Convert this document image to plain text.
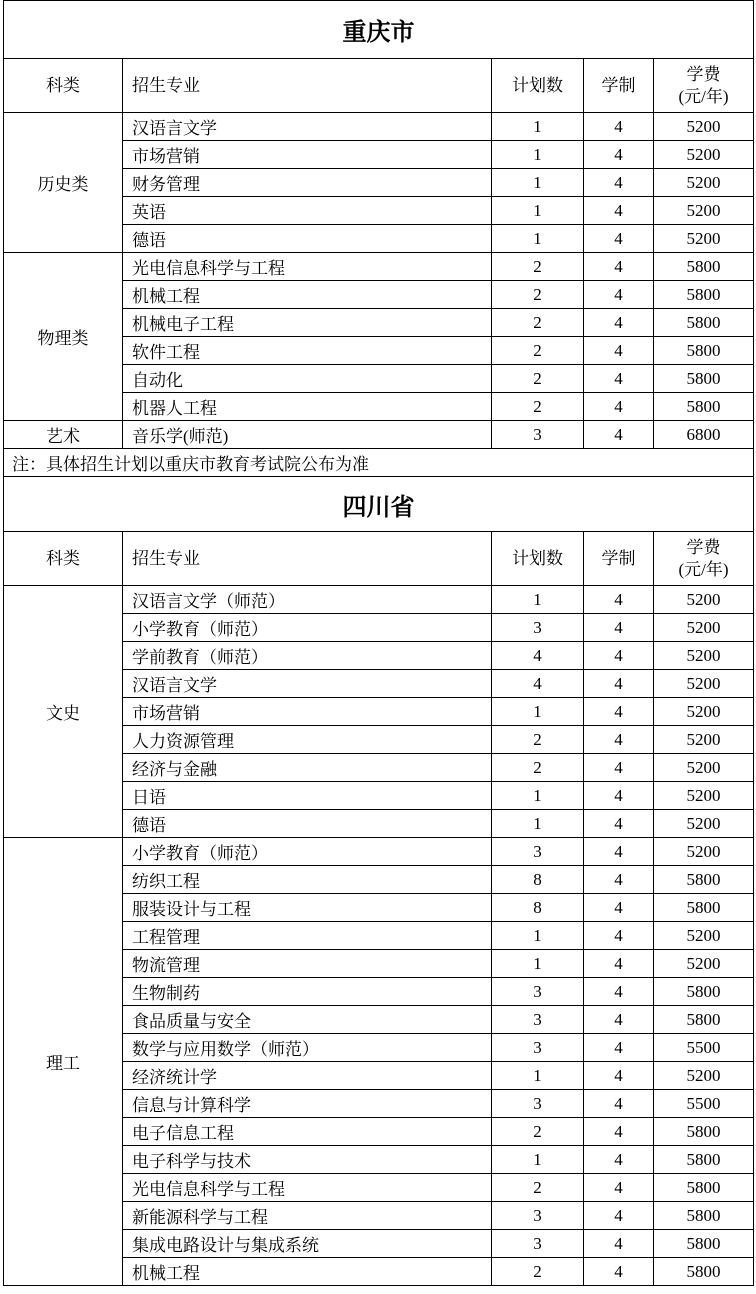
重庆市				
科类	招生专业	计划数	学制	学费
(元/年)

历史类	汉语言文学	1	4	5200
	市场营销	1	4	5200
	财务管理	1	4	5200
	英语	1	4	5200
	德语	1	4	5200
物理类	光电信息科学与工程	2	4	5800
	机械工程	2	4	5800
	机械电子工程	2	4	5800
	软件工程	2	4	5800
	自动化	2	4	5800
	机器人工程	2	4	5800
艺术	音乐学(师范)	3	4	6800
注：具体招生计划以重庆市教育考试院公布为准				
四川省				
科类	招生专业	计划数	学制	学费
(元/年)

文史	汉语言文学（师范）	1	4	5200
	小学教育（师范）	3	4	5200
	学前教育（师范）	4	4	5200
	汉语言文学	4	4	5200
	市场营销	1	4	5200
	人力资源管理	2	4	5200
	经济与金融	2	4	5200
	日语	1	4	5200
	德语	1	4	5200
理工	小学教育（师范）	3	4	5200
	纺织工程	8	4	5800
	服装设计与工程	8	4	5800
	工程管理	1	4	5200
	物流管理	1	4	5200
	生物制药	3	4	5800
	食品质量与安全	3	4	5800
	数学与应用数学（师范）	3	4	5500
	经济统计学	1	4	5200
	信息与计算科学	3	4	5500
	电子信息工程	2	4	5800
	电子科学与技术	1	4	5800
	光电信息科学与工程	2	4	5800
	新能源科学与工程	3	4	5800
	集成电路设计与集成系统	3	4	5800
	机械工程	2	4	5800
